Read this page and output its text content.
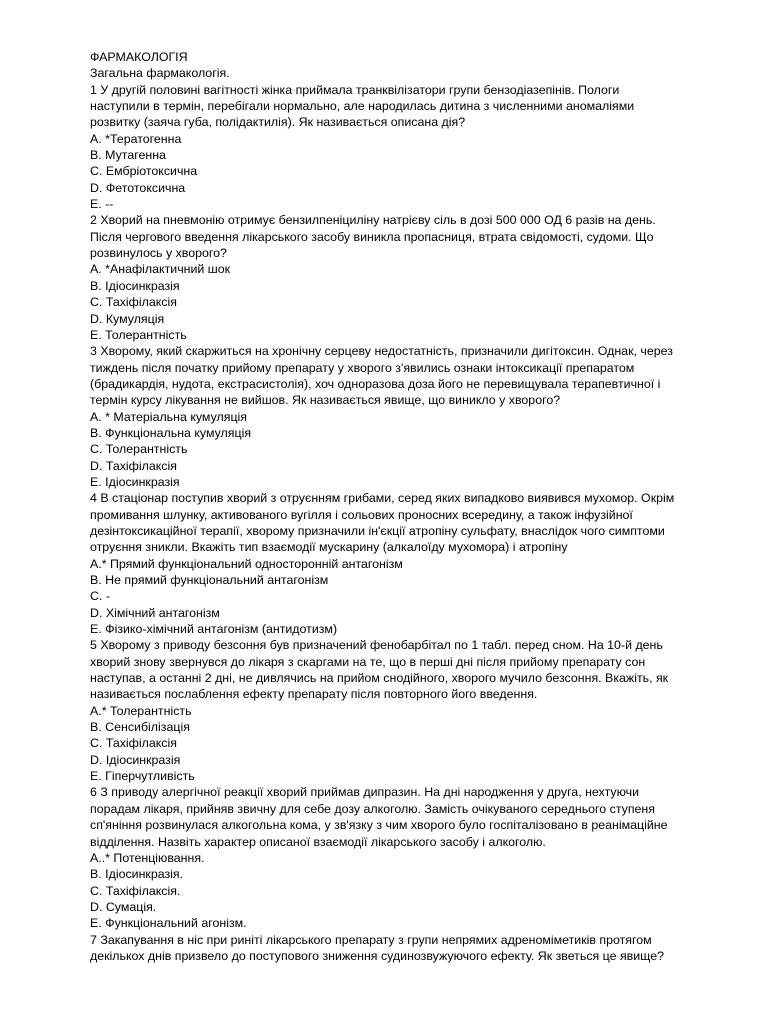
ФАРМАКОЛОГІЯ
Загальна фармакологія.
1 У другій половині вагітності жінка приймала транквілізатори групи бензодіазепінів. Пологи
наступили в термін, перебігали нормально, але народилась дитина з численними аномаліями
розвитку (заяча губа, полідактилія). Як називається описана дія?
A. *Тератогенна
B. Мутагенна
C. Ембріотоксична
D. Фетотоксична
E. --
2 Хворий на пневмонію отримує бензилпеніциліну натрієву сіль в дозі 500 000 ОД 6 разів на день.
Після чергового введення лікарського засобу виникла пропасниця, втрата свідомості, судоми. Що
розвинулось у хворого?
A. *Анафілактичний шок
B. Ідіосинкразія
C. Тахіфілаксія
D. Кумуляція
E. Толерантність
3 Хворому, який скаржиться на хронічну серцеву недостатність, призначили дигітоксин. Однак, через
тиждень після початку прийому препарату у хворого з'явились ознаки інтоксикації препаратом
(брадикардія, нудота, екстрасистолія), хоч одноразова доза його не перевищувала терапевтичної і
термін курсу лікування не вийшов. Як називається явище, що виникло у хворого?
A. * Матеріальна кумуляція
B. Функціональна кумуляція
C. Толерантність
D. Тахіфілаксія
E. Ідіосинкразія
4 В стаціонар поступив хворий з отруєнням грибами, серед яких випадково виявився мухомор. Окрім
промивання шлунку, активованого вугілля і сольових проносних всередину, а також інфузійної
дезінтоксикаційної терапії, хворому призначили ін'єкції атропіну сульфату, внаслідок чого симптоми
отруєння зникли. Вкажіть тип взаємодії мускарину (алкалоїду мухомора) і атропіну
A.* Прямий функціональний односторонній антагонізм
B. Не прямий функціональний антагонізм
C. -
D. Хімічний антагонізм
E. Фізико-хімічний антагонізм (антидотизм)
5 Хворому з приводу безсоння був призначений фенобарбітал по 1 табл. перед сном. На 10-й день
хворий знову звернувся до лікаря з скаргами на те, що в перші дні після прийому препарату сон
наступав, а останні 2 дні, не дивлячись на прийом снодійного, хворого мучило безсоння. Вкажіть, як
називається послаблення ефекту препарату після повторного його введення.
A.* Толерантність
B. Сенсибілізація
C. Тахіфілаксія
D. Ідіосинкразія
E. Гіперчутливість
6 З приводу алергічної реакції хворий приймав дипразин. На дні народження у друга, нехтуючи
порадам лікаря, прийняв звичну для себе дозу алкоголю. Замість очікуваного середнього ступеня
сп'яніння розвинулася алкогольна кома, у зв'язку з чим хворого було госпіталізовано в реанімаційне
відділення. Назвіть характер описаної взаємодії лікарського засобу і алкоголю.
A..* Потенціювання.
B. Ідіосинкразія.
C. Тахіфілаксія.
D. Сумація.
E. Функціональний агонізм.
7 Закапування в ніс при риніті лікарського препарату з групи непрямих адреноміметиків протягом
декількох днів призвело до поступового зниження судинозвужуючого ефекту. Як зветься це явище?
